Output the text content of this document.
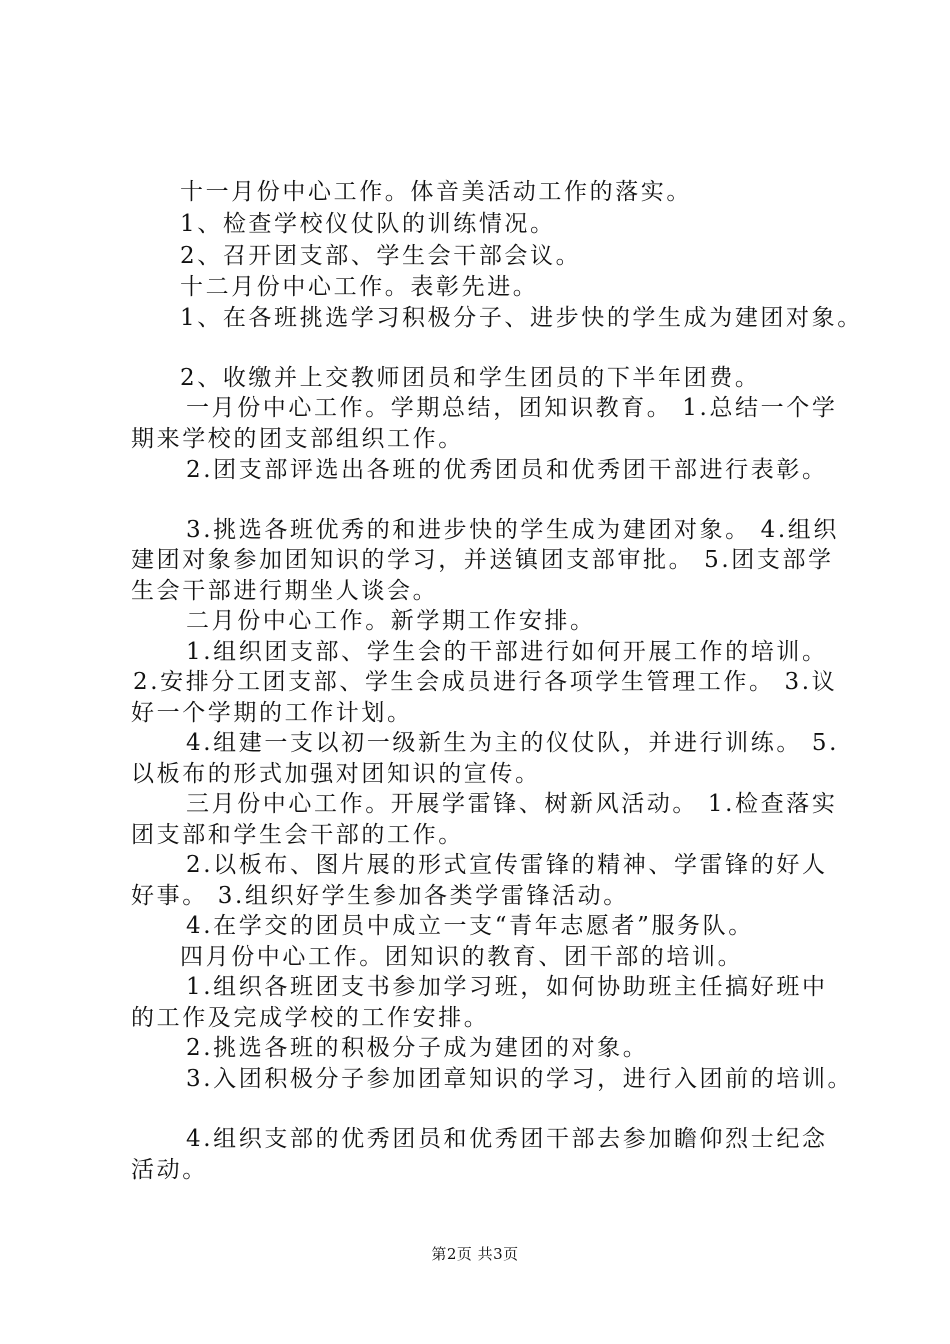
十一月份中心工作。体音美活动工作的落实。
1、检查学校仪仗队的训练情况。
2、召开团支部、学生会干部会议。
十二月份中心工作。表彰先进。
1、在各班挑选学习积极分子、进步快的学生成为建团对象。
2、收缴并上交教师团员和学生团员的下半年团费。
一月份中心工作。学期总结，团知识教育。 1.总结一个学
期来学校的团支部组织工作。
2.团支部评选出各班的优秀团员和优秀团干部进行表彰。
3.挑选各班优秀的和进步快的学生成为建团对象。 4.组织
建团对象参加团知识的学习，并送镇团支部审批。 5.团支部学
生会干部进行期坐人谈会。
二月份中心工作。新学期工作安排。
1.组织团支部、学生会的干部进行如何开展工作的培训。
2.安排分工团支部、学生会成员进行各项学生管理工作。 3.议
好一个学期的工作计划。
4.组建一支以初一级新生为主的仪仗队，并进行训练。 5.
以板布的形式加强对团知识的宣传。
三月份中心工作。开展学雷锋、树新风活动。 1.检查落实
团支部和学生会干部的工作。
2.以板布、图片展的形式宣传雷锋的精神、学雷锋的好人
好事。 3.组织好学生参加各类学雷锋活动。
4.在学交的团员中成立一支“青年志愿者”服务队。
四月份中心工作。团知识的教育、团干部的培训。
1.组织各班团支书参加学习班，如何协助班主任搞好班中
的工作及完成学校的工作安排。
2.挑选各班的积极分子成为建团的对象。
3.入团积极分子参加团章知识的学习，进行入团前的培训。
4.组织支部的优秀团员和优秀团干部去参加瞻仰烈士纪念
活动。
第2页 共3页
